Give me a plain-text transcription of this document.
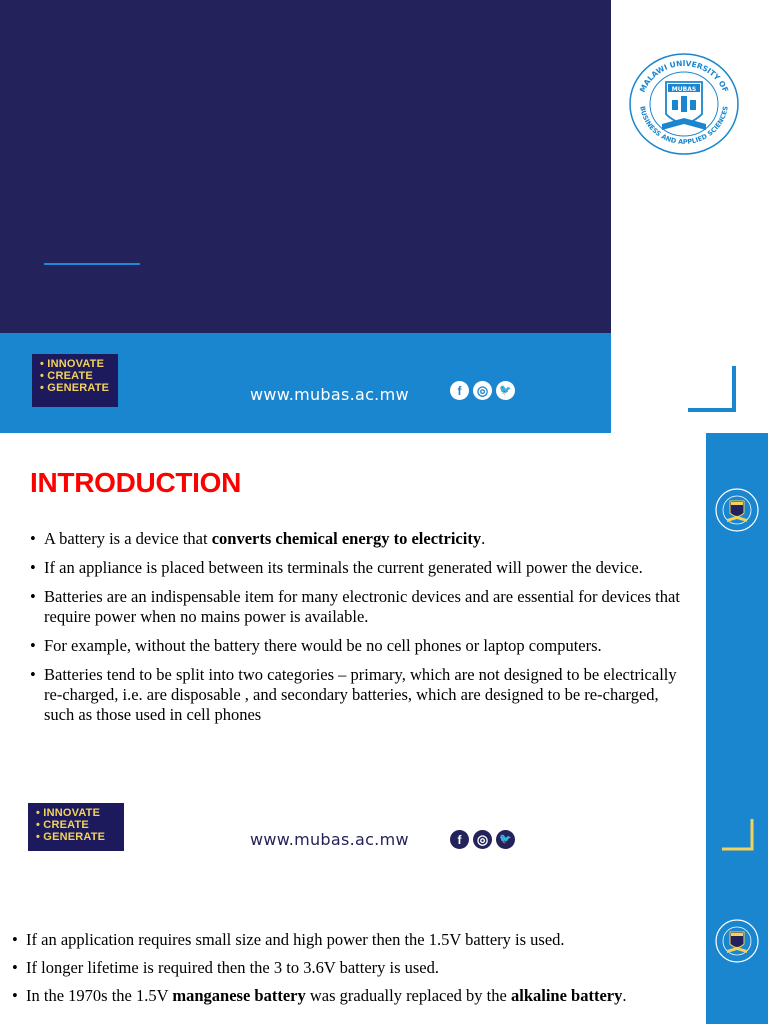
MALAWI UNIVERSITY OF
BUSINESS AND APPLIED SCIENCES
MUBAS
• INNOVATE
• CREATE
• GENERATE	www.mubas.ac.mw	f	◎	🐦
INTRODUCTION
• A battery is a device that converts chemical energy to electricity.
• If an appliance is placed between its terminals the current generated will power the device.
• Batteries are an indispensable item for many electronic devices and are essential for devices that require power when no mains power is available.
• For example, without the battery there would be no cell phones or laptop computers.
• Batteries tend to be split into two categories – primary, which are not designed to be electrically re-charged, i.e. are disposable , and secondary batteries, which are designed to be re-charged, such as those used in cell phones
• INNOVATE
• CREATE
• GENERATE	www.mubas.ac.mw	f	◎	🐦
• If an application requires small size and high power then the 1.5V battery is used.
• If longer lifetime is required then the 3 to 3.6V battery is used.
• In the 1970s the 1.5V manganese battery was gradually replaced by the alkaline battery.
